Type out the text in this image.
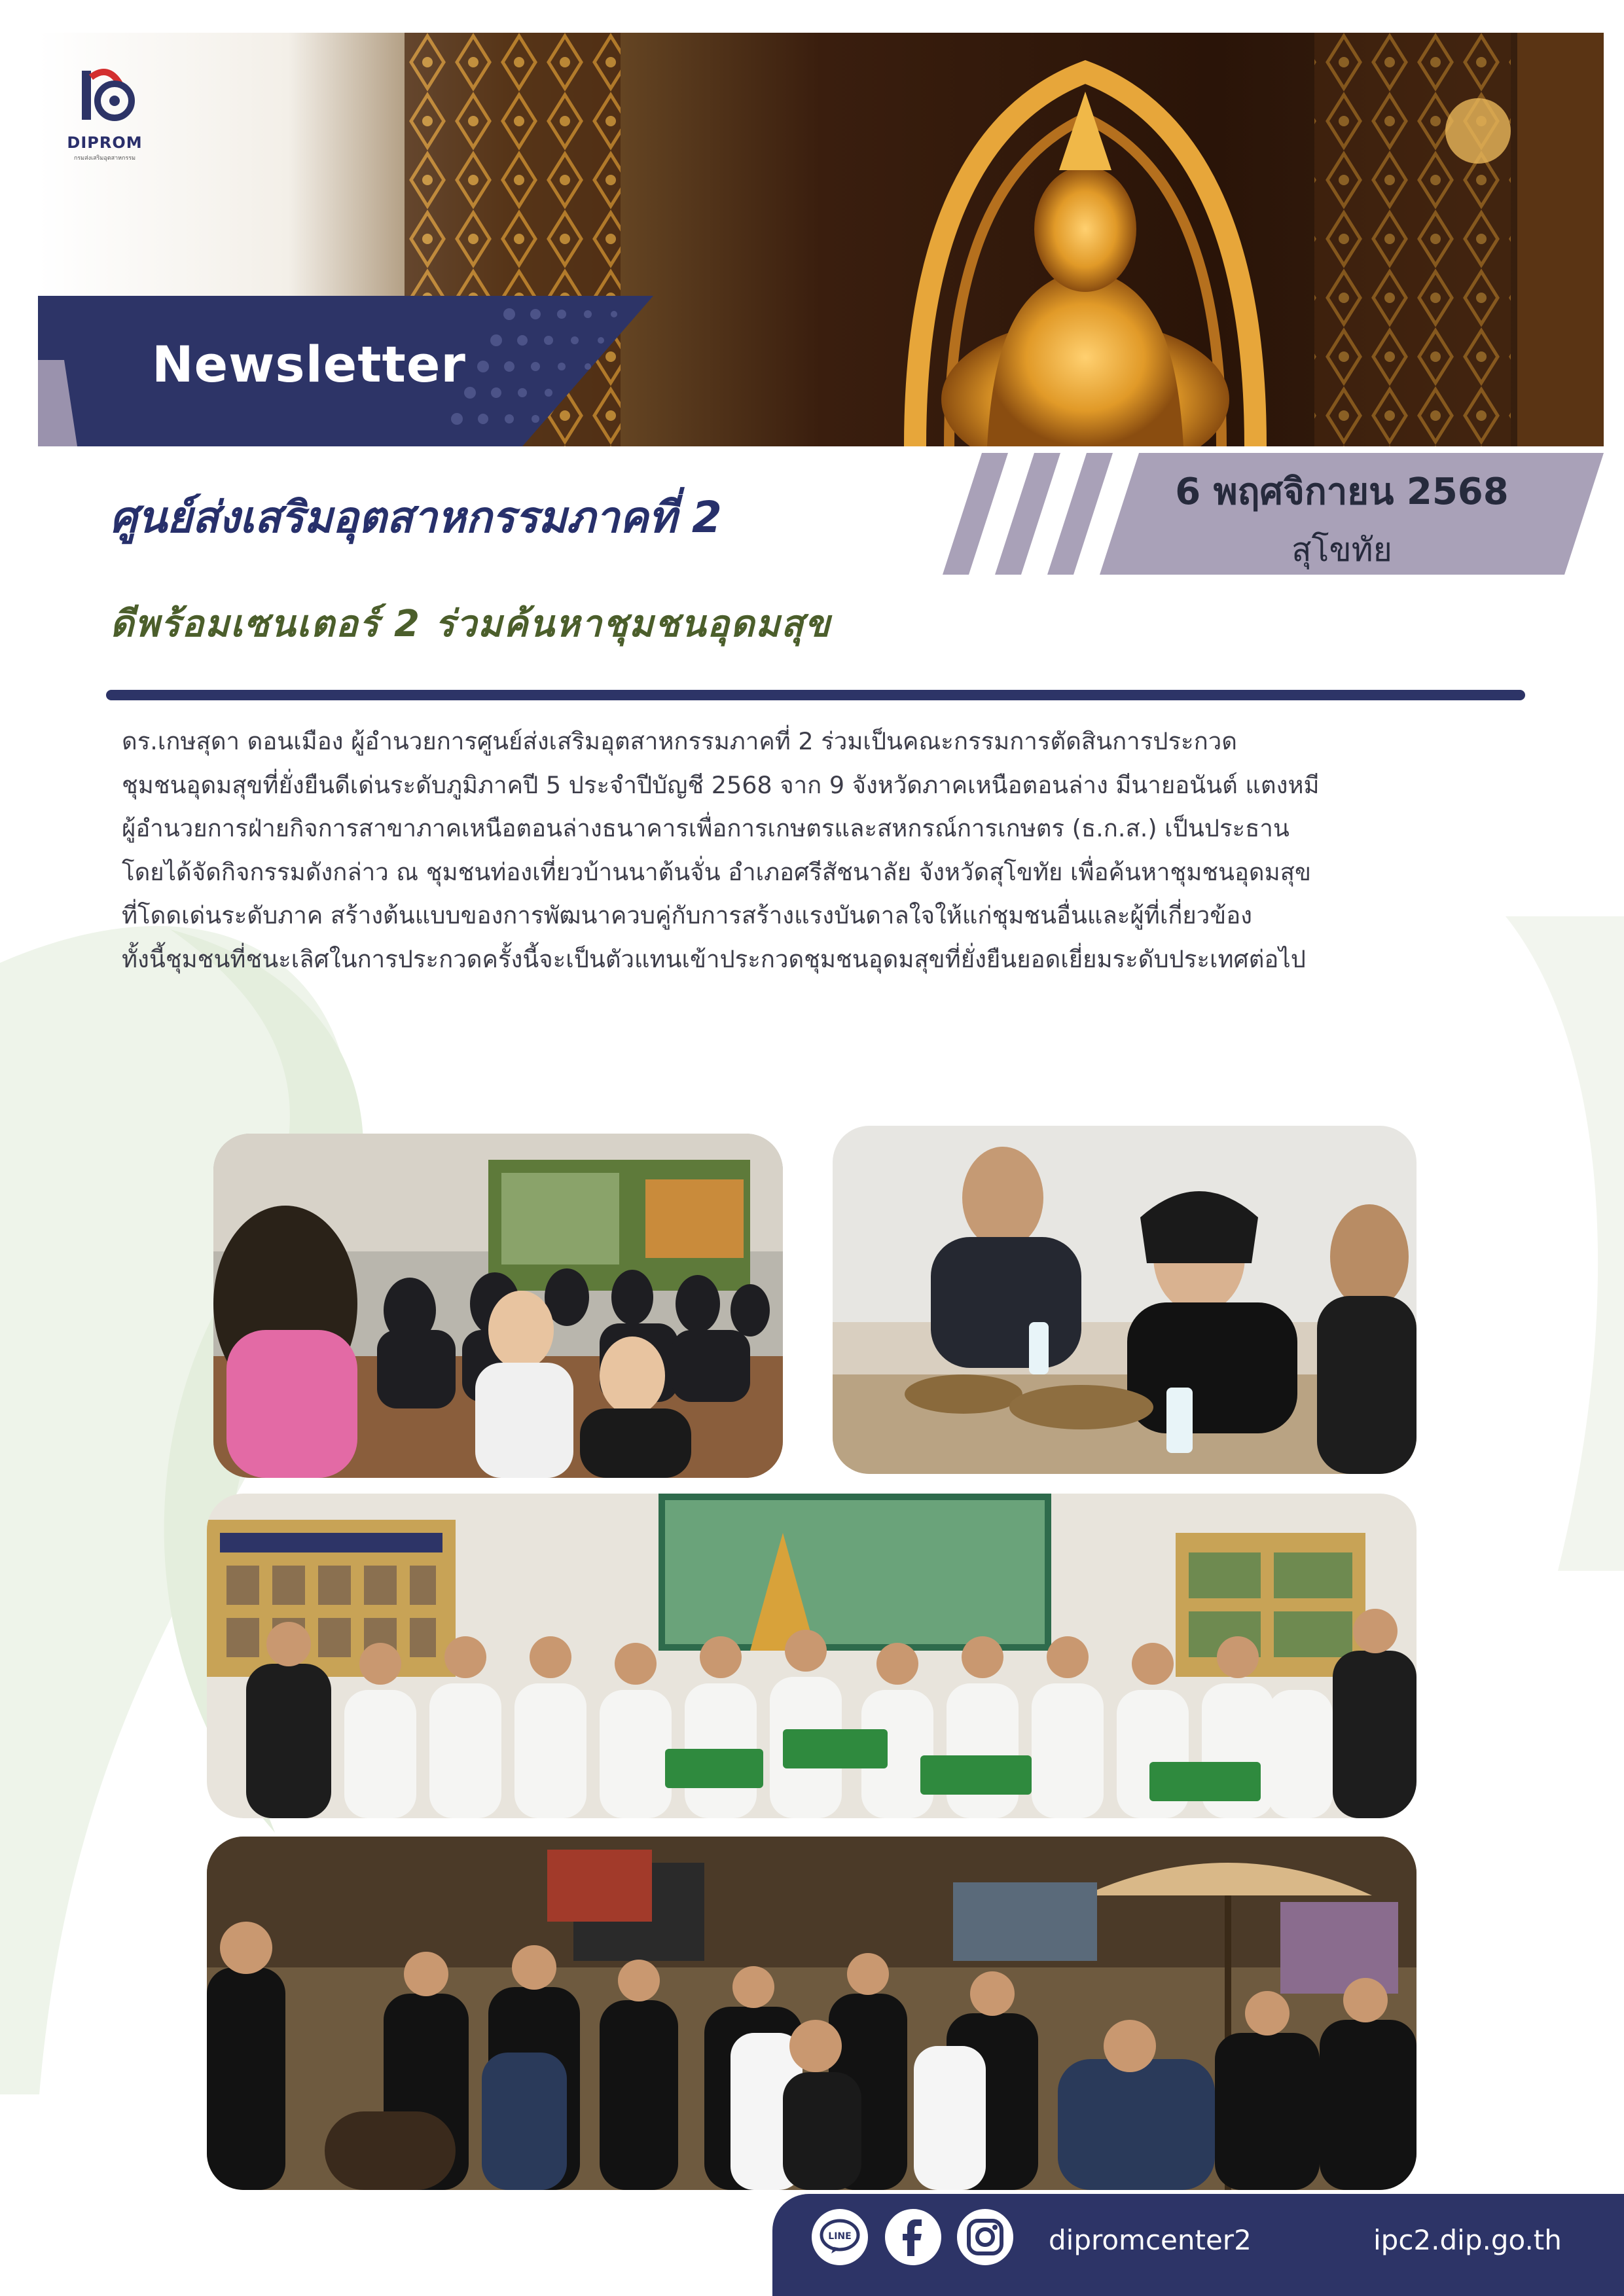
DIPROM
กรมส่งเสริมอุตสาหกรรม
Newsletter
ศูนย์ส่งเสริมอุตสาหกรรมภาคที่ 2
6 พฤศจิกายน 2568
สุโขทัย
ดีพร้อมเซนเตอร์ 2 ร่วมค้นหาชุมชนอุดมสุข

ดร.เกษสุดา ดอนเมือง ผู้อำนวยการศูนย์ส่งเสริมอุตสาหกรรมภาคที่ 2 ร่วมเป็นคณะกรรมการตัดสินการประกวด

ชุมชนอุดมสุขที่ยั่งยืนดีเด่นระดับภูมิภาคปี 5 ประจำปีบัญชี 2568 จาก 9 จังหวัดภาคเหนือตอนล่าง มีนายอนันต์ แตงหมี

ผู้อำนวยการฝ่ายกิจการสาขาภาคเหนือตอนล่างธนาคารเพื่อการเกษตรและสหกรณ์การเกษตร (ธ.ก.ส.) เป็นประธาน

โดยได้จัดกิจกรรมดังกล่าว ณ ชุมชนท่องเที่ยวบ้านนาต้นจั่น อำเภอศรีสัชนาลัย จังหวัดสุโขทัย เพื่อค้นหาชุมชนอุดมสุข

ที่โดดเด่นระดับภาค สร้างต้นแบบของการพัฒนาควบคู่กับการสร้างแรงบันดาลใจให้แก่ชุมชนอื่นและผู้ที่เกี่ยวข้อง

ทั้งนี้ชุมชนที่ชนะเลิศในการประกวดครั้งนี้จะเป็นตัวแทนเข้าประกวดชุมชนอุดมสุขที่ยั่งยืนยอดเยี่ยมระดับประเทศต่อไป

LINE	dipromcenter2	ipc2.dip.go.th
